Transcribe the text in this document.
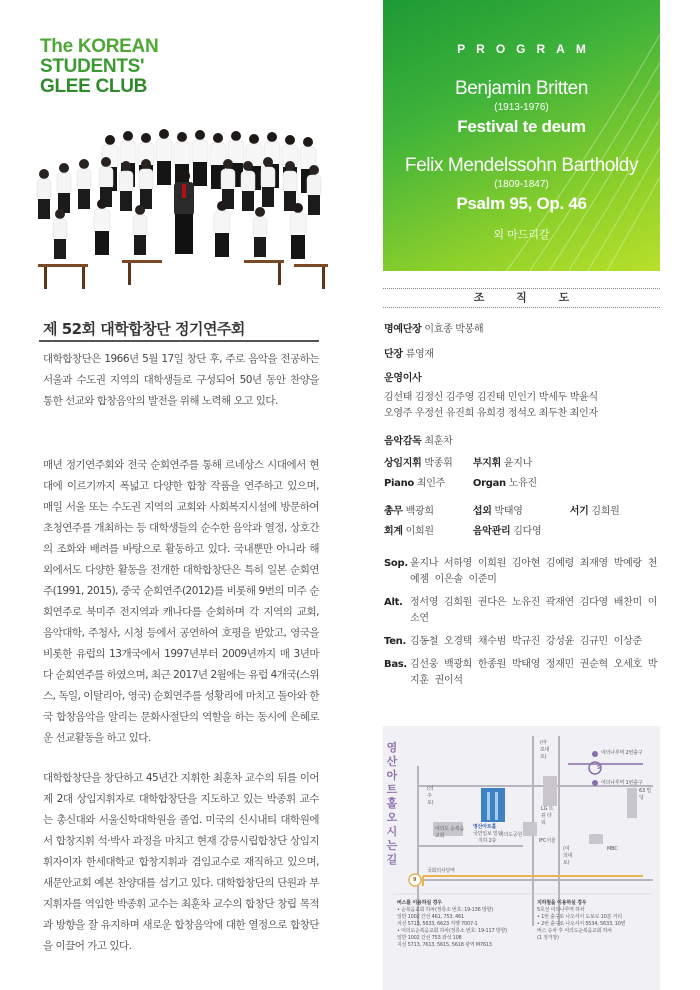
The KOREAN
STUDENTS'
GLEE CLUB
PROGRAM
Benjamin Britten
(1913-1976)
Festival te deum
Felix Mendelssohn Bartholdy
(1809-1847)
Psalm 95, Op. 46
외 마드리갈
제 52회 대학합창단 정기연주회

대학합창단은 1966년 5월 17일 창단 후, 주로 음악을 전공하는 서울과 수도권 지역의 대학생들로 구성되어 50년 동안 찬양을 통한 선교와 합창음악의 발전을 위해 노력해 오고 있다.

매년 정기연주회와 전국 순회연주를 통해 르네상스 시대에서 현대에 이르기까지 폭넓고 다양한 합창 작품을 연주하고 있으며, 매일 서울 또는 수도권 지역의 교회와 사회복지시설에 방문하여 초청연주를 개최하는 등 대학생들의 순수한 음악과 열정, 상호간의 조화와 배려를 바탕으로 활동하고 있다. 국내뿐만 아니라 해외에서도 다양한 활동을 전개한 대학합창단은 특히 일본 순회연주(1991, 2015), 중국 순회연주(2012)를 비롯해 9번의 미주 순회연주로 북미주 전지역과 캐나다를 순회하며 각 지역의 교회, 음악대학, 주청사, 시청 등에서 공연하여 호평을 받았고, 영국을 비롯한 유럽의 13개국에서 1997년부터 2009년까지 매 3년마다 순회연주를 하였으며, 최근 2017년 2월에는 유럽 4개국(스위스, 독일, 이탈리아, 영국) 순회연주를 성황리에 마치고 돌아와 한국 합창음악을 알리는 문화사절단의 역할을 하는 동시에 은혜로운 선교활동을 하고 있다.

대학합창단을 창단하고 45년간 지휘한 최훈차 교수의 뒤를 이어 제 2대 상임지휘자로 대학합창단을 지도하고 있는 박종휘 교수는 총신대와 서울신학대학원을 졸업. 미국의 신시내티 대학원에서 합창지휘 석·박사 과정을 마치고 현재 강릉시립합창단 상임지휘자이자 한세대학교 합창지휘과 겸임교수로 재직하고 있으며, 새문안교회 예본 찬양대를 섬기고 있다. 대학합창단의 단원과 부지휘자를 역임한 박종휘 교수는 최훈차 교수의 합창단 창립 목적과 방향을 잘 유지하며 새로운 합창음악에 대한 열정으로 합창단을 이끌어 가고 있다.

조 직 도
명예단장 이효종 박봉해
단장 류영재
운영이사
김선태 김정신 김주영 김진태 민인기 박세두 박윤식
오영주 우정선 유진희 유희경 정석오 최두찬 최인자
음악감독 최훈차
상임지휘 박종휘 부지휘 윤지나
Piano 최인주	Organ 노유진
총무 백광희	섭외 박태영	서기 김희원
회계 이희원	음악관리 김다영
Sop. 윤지나 서하영 이희원 김아현 김예령 최재영 박예랑 천예젬 이은솔 이준미
Alt. 정서영 김희원 권다은 노유진 곽재연 김다영 배찬미 이소연
Ten. 김동철 오경택 채수범 박규진 강성윤 김규민 이상준
Bas. 김선웅 백광희 한종원 박태영 정재민 권순혁 오세호 박지훈 권이석
(의주로)
(마포대로)
(여의대로)
국회의사당역
여의나루역 2번출구
여의나루역 1번출구
5
9
영산아트홀
국민일보 빌딩
지하 2층
여의도 순복음교회	여의도공원
IFC서울
LG 트윈 타워
MBC
63 빌딩
버스를 이용하실 경우
• 순복음교회 하차(정류소 번호: 19-136 방향)
일반 1002 간선 461, 753, 461
지선 5713, 5633, 6623 직행 7007-1
• 여의도순복음교회 하차(정류소 번호: 19-117 방향)
일반 1002 간선 753 좌석 108
지선 5713, 7613, 5615, 5618 광역 M7613
지하철을 이용하실 경우
5호선 여의나루역 하차
• 1번 출구로 나오셔서 도보로 10분 거리
• 2번 출구로 나오셔서 5534, 5633, 10번
버스 승차 후 여의도순복음교회 하차
(1 정거장)
영산아트홀 오시는 길
